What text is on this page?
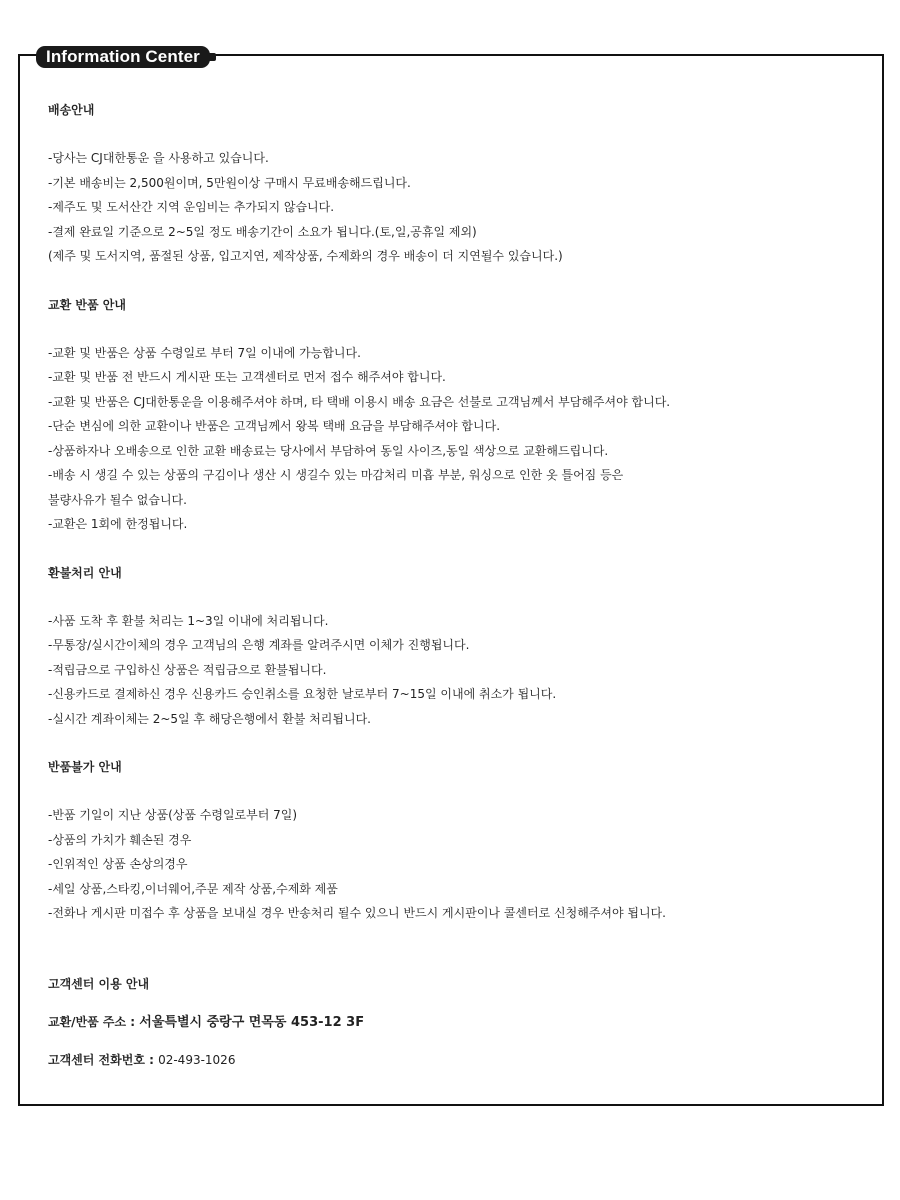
Information Center
배송안내
-당사는 CJ대한통운 을 사용하고 있습니다.
-기본 배송비는 2,500원이며, 5만원이상 구매시 무료배송해드립니다.
-제주도 및 도서산간 지역 운임비는 추가되지 않습니다.
-결제 완료일 기준으로 2~5일 정도 배송기간이 소요가 됩니다.(토,일,공휴일 제외)
(제주 및 도서지역, 품절된 상품, 입고지연, 제작상품, 수제화의 경우 배송이 더 지연될수 있습니다.)
교환 반품 안내
-교환 및 반품은 상품 수령일로 부터 7일 이내에 가능합니다.
-교환 및 반품 전 반드시 게시판 또는 고객센터로 먼저 접수 해주셔야 합니다.
-교환 및 반품은 CJ대한통운을 이용해주셔야 하며, 타 택배 이용시 배송 요금은 선불로 고객님께서 부담해주셔야 합니다.
-단순 변심에 의한 교환이나 반품은 고객님께서 왕복 택배 요금을 부담해주셔야 합니다.
-상품하자나 오배송으로 인한 교환 배송료는 당사에서 부담하여 동일 사이즈,동일 색상으로 교환해드립니다.
-배송 시 생길 수 있는 상품의 구김이나 생산 시 생길수 있는 마감처리 미흡 부분, 워싱으로 인한 옷 틀어짐 등은
불량사유가 될수 없습니다.
-교환은 1회에 한정됩니다.
환불처리 안내
-사품 도착 후 환불 처리는 1~3일 이내에 처리됩니다.
-무통장/실시간이체의 경우 고객님의 은행 계좌를 알려주시면 이체가 진행됩니다.
-적립금으로 구입하신 상품은 적립금으로 환불됩니다.
-신용카드로 결제하신 경우 신용카드 승인취소를 요청한 날로부터 7~15일 이내에 취소가 됩니다.
-실시간 계좌이체는 2~5일 후 해당은행에서 환불 처리됩니다.
반품불가 안내
-반품 기일이 지난 상품(상품 수령일로부터 7일)
-상품의 가치가 훼손된 경우
-인위적인 상품 손상의경우
-세일 상품,스타킹,이너웨어,주문 제작 상품,수제화 제품
-전화나 게시판 미접수 후 상품을 보내실 경우 반송처리 될수 있으니 반드시 게시판이나 콜센터로 신청해주셔야 됩니다.
고객센터 이용 안내
교환/반품 주소 : 서울특별시 중랑구 면목동 453-12 3F
고객센터 전화번호 : 02-493-1026
